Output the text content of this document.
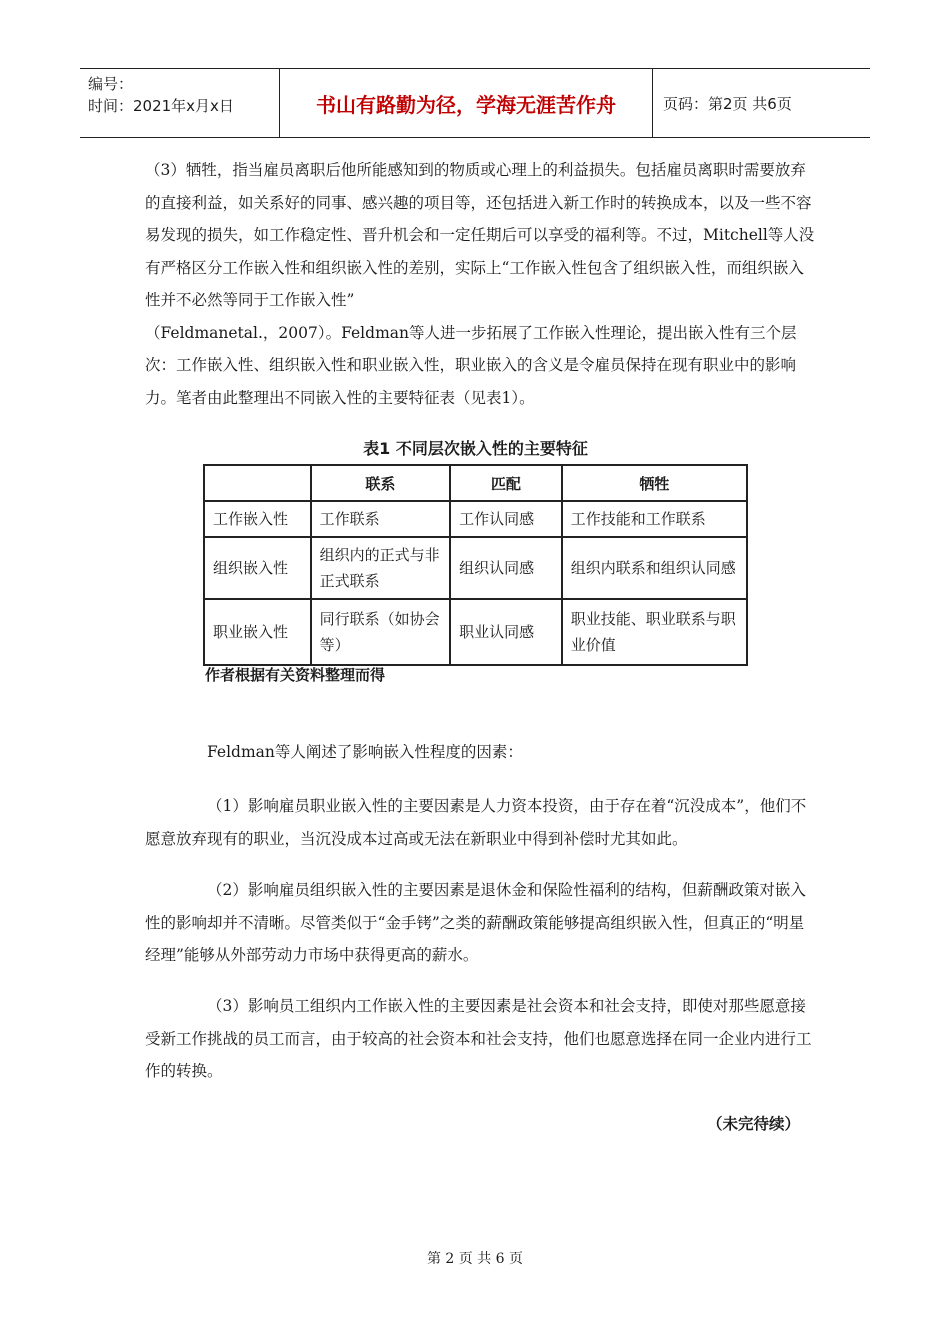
编号：
时间：2021年x月x日	书山有路勤为径，学海无涯苦作舟	页码：第2页 共6页

（3）牺牲，指当雇员离职后他所能感知到的物质或心理上的利益损失。包括雇员离职时需要放弃的直接利益，如关系好的同事、感兴趣的项目等，还包括进入新工作时的转换成本，以及一些不容易发现的损失，如工作稳定性、晋升机会和一定任期后可以享受的福利等。不过，Mitchell等人没有严格区分工作嵌入性和组织嵌入性的差别，实际上“工作嵌入性包含了组织嵌入性，而组织嵌入性并不必然等同于工作嵌入性”

（Feldmanetal.，2007）。Feldman等人进一步拓展了工作嵌入性理论，提出嵌入性有三个层次：工作嵌入性、组织嵌入性和职业嵌入性，职业嵌入的含义是令雇员保持在现有职业中的影响力。笔者由此整理出不同嵌入性的主要特征表（见表1）。

表1 不同层次嵌入性的主要特征
	联系	匹配	牺牲
工作嵌入性	工作联系	工作认同感	工作技能和工作联系
组织嵌入性	组织内的正式与非正式联系	组织认同感	组织内联系和组织认同感
职业嵌入性	同行联系（如协会等）	职业认同感	职业技能、职业联系与职业价值
作者根据有关资料整理而得

Feldman等人阐述了影响嵌入性程度的因素：

（1）影响雇员职业嵌入性的主要因素是人力资本投资，由于存在着“沉没成本”，他们不愿意放弃现有的职业，当沉没成本过高或无法在新职业中得到补偿时尤其如此。

（2）影响雇员组织嵌入性的主要因素是退休金和保险性福利的结构，但薪酬政策对嵌入性的影响却并不清晰。尽管类似于“金手铐”之类的薪酬政策能够提高组织嵌入性，但真正的“明星经理”能够从外部劳动力市场中获得更高的薪水。

（3）影响员工组织内工作嵌入性的主要因素是社会资本和社会支持，即使对那些愿意接受新工作挑战的员工而言，由于较高的社会资本和社会支持，他们也愿意选择在同一企业内进行工作的转换。

（未完待续）
第 2 页 共 6 页
